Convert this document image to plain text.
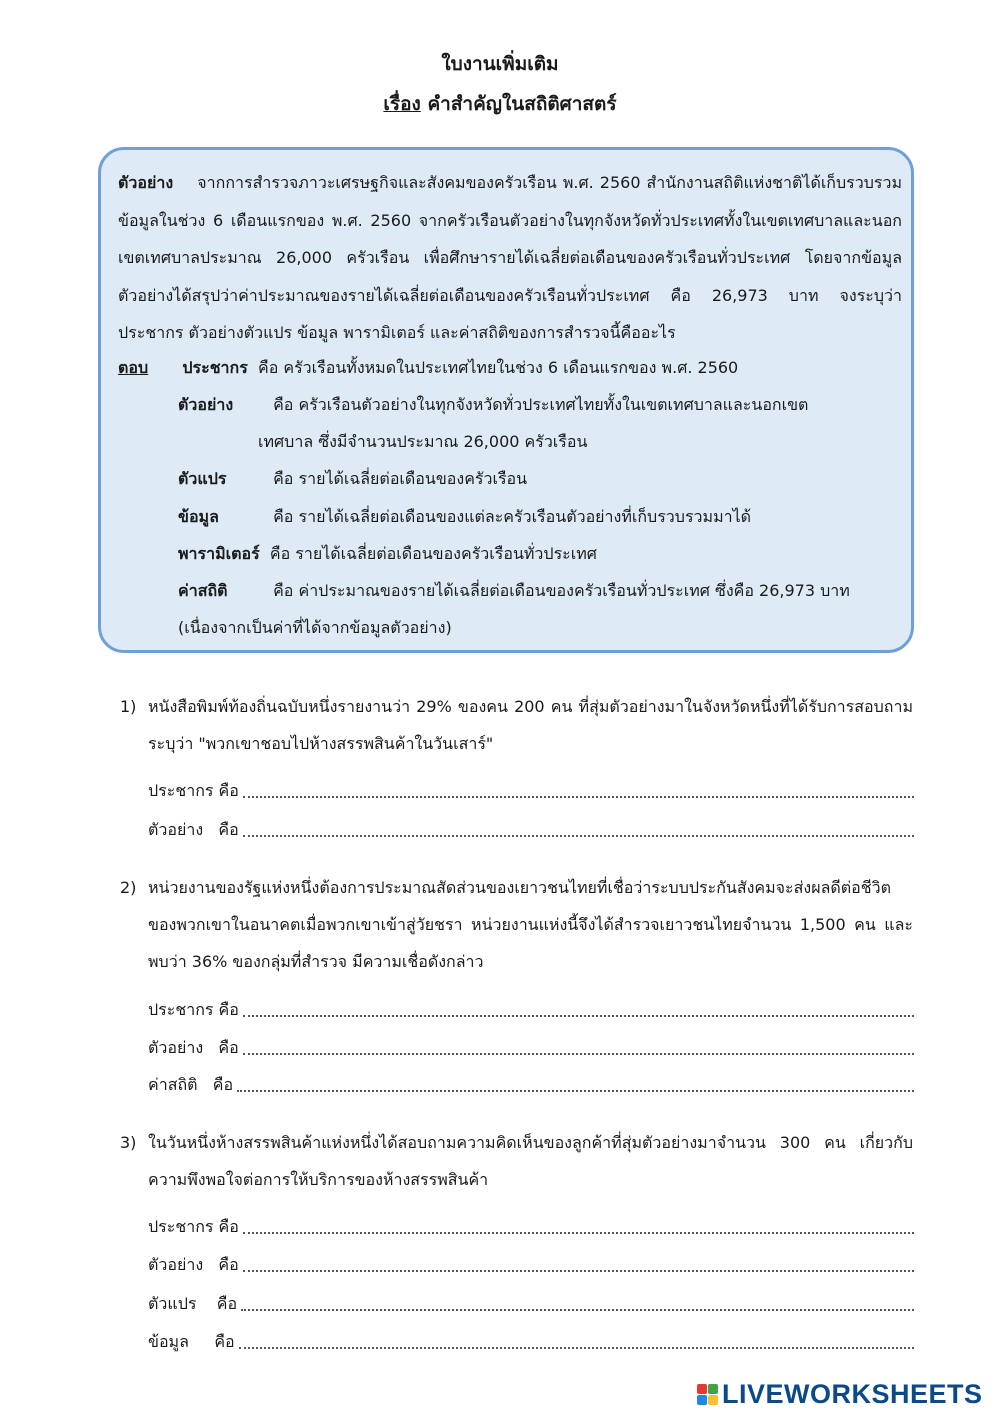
ใบงานเพิ่มเติม
เรื่อง คำสำคัญในสถิติศาสตร์
ตัวอย่าง จากการสำรวจภาวะเศรษฐกิจและสังคมของครัวเรือน พ.ศ. 2560 สำนักงานสถิติแห่งชาติได้เก็บรวบรวมข้อมูลในช่วง 6 เดือนแรกของ พ.ศ. 2560 จากครัวเรือนตัวอย่างในทุกจังหวัดทั่วประเทศทั้งในเขตเทศบาลและนอกเขตเทศบาลประมาณ 26,000 ครัวเรือน เพื่อศึกษารายได้เฉลี่ยต่อเดือนของครัวเรือนทั่วประเทศ โดยจากข้อมูลตัวอย่างได้สรุปว่าค่าประมาณของรายได้เฉลี่ยต่อเดือนของครัวเรือนทั่วประเทศ คือ 26,973 บาท จงระบุว่าประชากร ตัวอย่างตัวแปร ข้อมูล พารามิเตอร์ และค่าสถิติของการสำรวจนี้คืออะไร
ตอบ ประชากร คือ ครัวเรือนทั้งหมดในประเทศไทยในช่วง 6 เดือนแรกของ พ.ศ. 2560
ตัวอย่าง คือ ครัวเรือนตัวอย่างในทุกจังหวัดทั่วประเทศไทยทั้งในเขตเทศบาลและนอกเขต
เทศบาล ซึ่งมีจำนวนประมาณ 26,000 ครัวเรือน
ตัวแปร	คือ รายได้เฉลี่ยต่อเดือนของครัวเรือน
ข้อมูล	คือ รายได้เฉลี่ยต่อเดือนของแต่ละครัวเรือนตัวอย่างที่เก็บรวบรวมมาได้
พารามิเตอร์ คือ รายได้เฉลี่ยต่อเดือนของครัวเรือนทั่วประเทศ
ค่าสถิติ	คือ ค่าประมาณของรายได้เฉลี่ยต่อเดือนของครัวเรือนทั่วประเทศ ซึ่งคือ 26,973 บาท
(เนื่องจากเป็นค่าที่ได้จากข้อมูลตัวอย่าง)
1) หนังสือพิมพ์ท้องถิ่นฉบับหนึ่งรายงานว่า 29% ของคน 200 คน ที่สุ่มตัวอย่างมาในจังหวัดหนึ่งที่ได้รับการสอบถาม ระบุว่า "พวกเขาชอบไปห้างสรรพสินค้าในวันเสาร์"
ประชากร คือ
ตัวอย่าง   คือ
2) หน่วยงานของรัฐแห่งหนึ่งต้องการประมาณสัดส่วนของเยาวชนไทยที่เชื่อว่าระบบประกันสังคมจะส่งผลดีต่อชีวิตของพวกเขาในอนาคตเมื่อพวกเขาเข้าสู่วัยชรา หน่วยงานแห่งนี้จึงได้สำรวจเยาวชนไทยจำนวน 1,500 คน และพบว่า 36% ของกลุ่มที่สำรวจ มีความเชื่อดังกล่าว
ประชากร คือ
ตัวอย่าง   คือ
ค่าสถิติ   คือ
3) ในวันหนึ่งห้างสรรพสินค้าแห่งหนึ่งได้สอบถามความคิดเห็นของลูกค้าที่สุ่มตัวอย่างมาจำนวน 300 คน เกี่ยวกับความพึงพอใจต่อการให้บริการของห้างสรรพสินค้า
ประชากร คือ
ตัวอย่าง   คือ
ตัวแปร    คือ
ข้อมูล     คือ
LIVEWORKSHEETS
